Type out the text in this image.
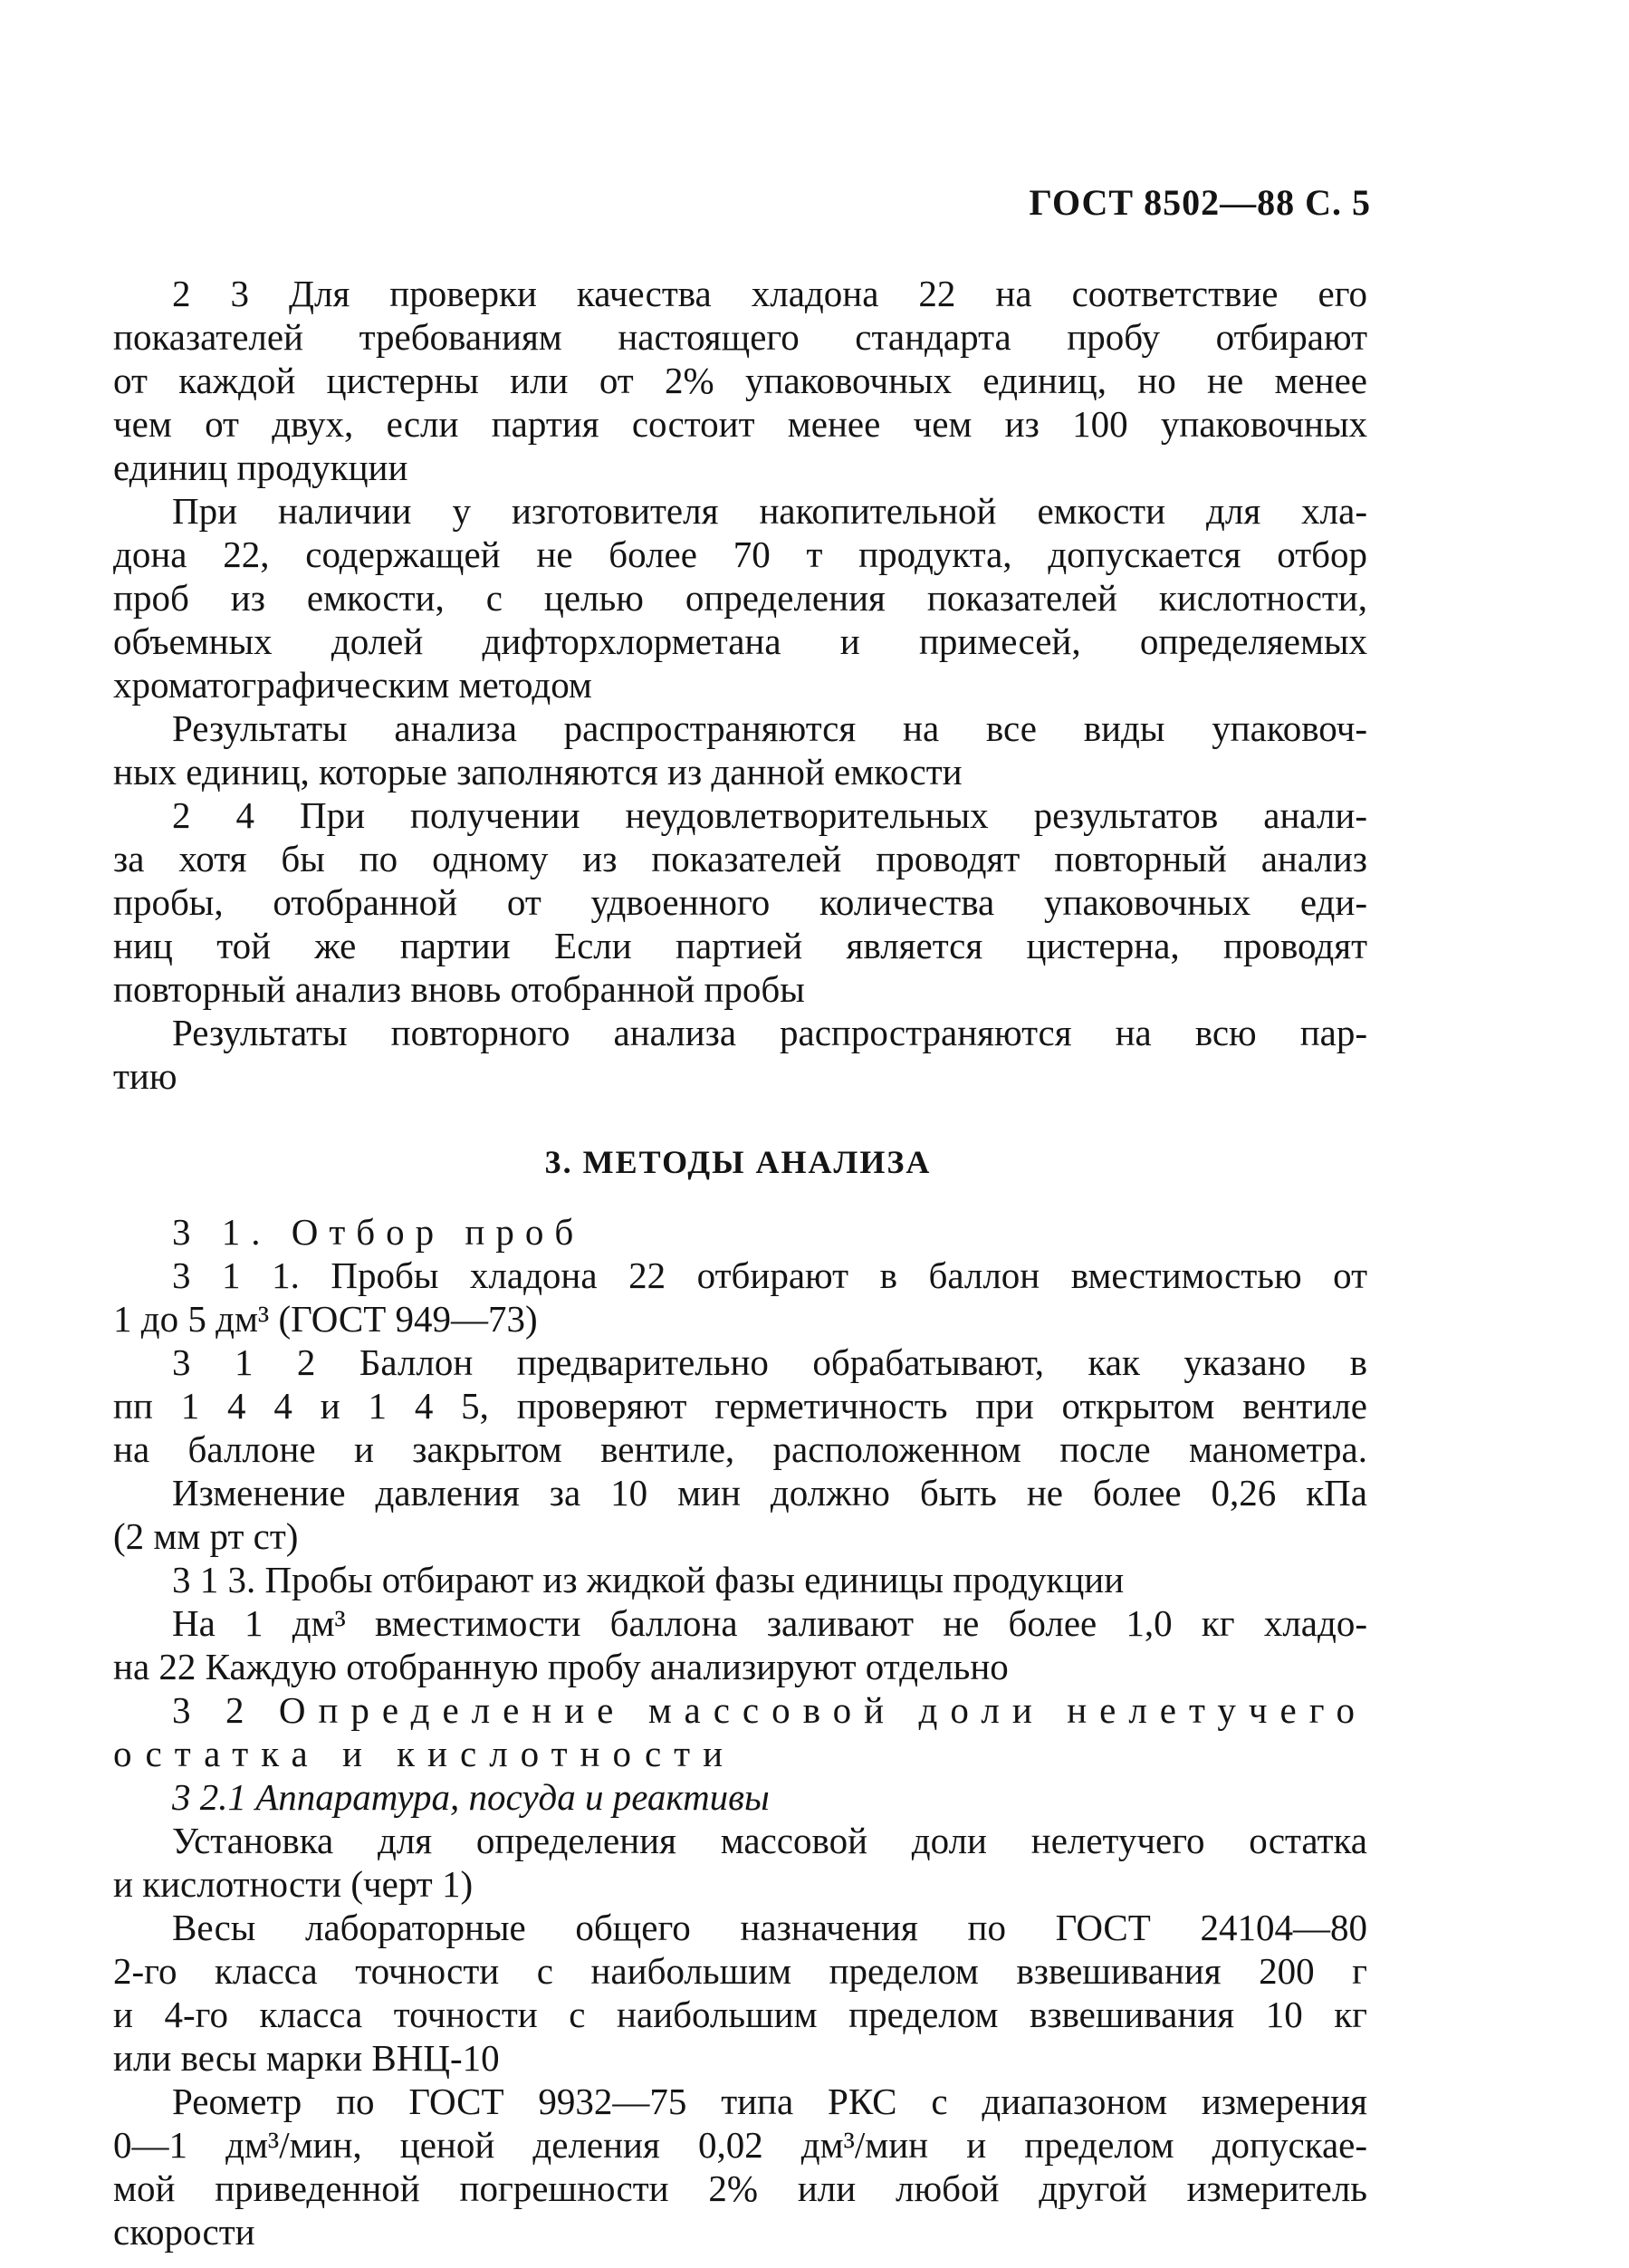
ГОСТ 8502—88 С. 5
2 3 Для проверки качества хладона 22 на соответствие его
показателей требованиям настоящего стандарта пробу отбирают
от каждой цистерны или от 2% упаковочных единиц, но не менее
чем от двух, если партия состоит менее чем из 100 упаковочных
единиц продукции
При наличии у изготовителя накопительной емкости для хла-
дона 22, содержащей не более 70 т продукта, допускается отбор
проб из емкости, с целью определения показателей кислотности,
объемных долей дифторхлорметана и примесей, определяемых
хроматографическим методом
Результаты анализа распространяются на все виды упаковоч-
ных единиц, которые заполняются из данной емкости
2 4 При получении неудовлетворительных результатов анали-
за хотя бы по одному из показателей проводят повторный анализ
пробы, отобранной от удвоенного количества упаковочных еди-
ниц той же партии Если партией является цистерна, проводят
повторный анализ вновь отобранной пробы
Результаты повторного анализа распространяются на всю пар-
тию
3. МЕТОДЫ АНАЛИЗА
3 1. Отбор проб
3 1 1. Пробы хладона 22 отбирают в баллон вместимостью от
1 до 5 дм³ (ГОСТ 949—73)
3 1 2 Баллон предварительно обрабатывают, как указано в
пп 1 4 4 и 1 4 5, проверяют герметичность при открытом вентиле
на баллоне и закрытом вентиле, расположенном после манометра.
Изменение давления за 10 мин должно быть не более 0,26 кПа
(2 мм рт ст)
3 1 3. Пробы отбирают из жидкой фазы единицы продукции
На 1 дм³ вместимости баллона заливают не более 1,0 кг хладо-
на 22 Каждую отобранную пробу анализируют отдельно
3 2 Определение массовой доли нелетучего
остатка и кислотности
3 2.1 Аппаратура, посуда и реактивы
Установка для определения массовой доли нелетучего остатка
и кислотности (черт 1)
Весы лабораторные общего назначения по ГОСТ 24104—80
2-го класса точности с наибольшим пределом взвешивания 200 г
и 4-го класса точности с наибольшим пределом взвешивания 10 кг
или весы марки ВНЦ-10
Реометр по ГОСТ 9932—75 типа РКС с диапазоном измерения
0—1 дм³/мин, ценой деления 0,02 дм³/мин и пределом допускае-
мой приведенной погрешности 2% или любой другой измеритель
скорости
